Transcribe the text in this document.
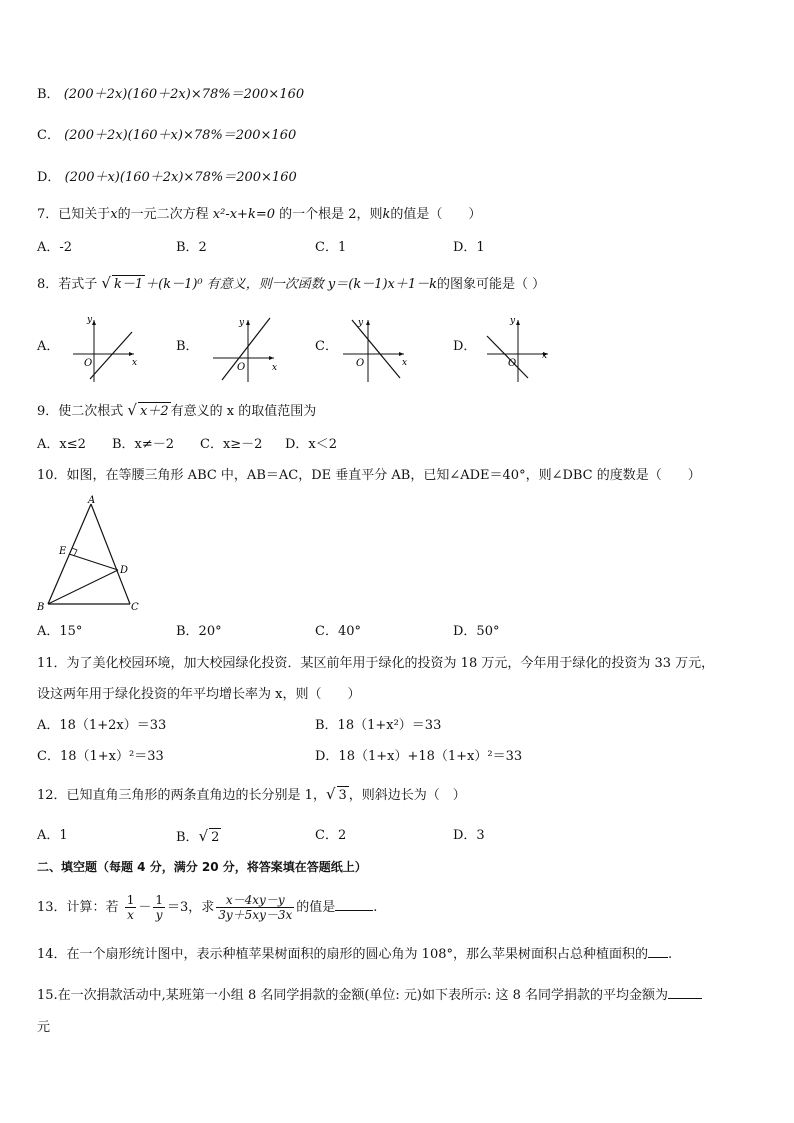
B． (200＋2x)(160＋2x)×78%＝200×160
C． (200＋2x)(160＋x)×78%＝200×160
D． (200＋x)(160＋2x)×78%＝200×160
7．已知关于x的一元二次方程 x²-x+k=0 的一个根是 2，则k的值是（　　）
A．-2	B．2	C．1	D．1
8．若式子 √ k－1 ＋(k－1)⁰ 有意义，则一次函数 y＝(k－1)x＋1－k的图象可能是（ ）
A．	B．	C．	D．
y
x
O
y
x
O
y
x
O
y
x
O
9．使二次根式 √ x＋2 有意义的 x 的取值范围为
A．x≤2 B．x≠－2 C．x≥－2 D．x＜2
10．如图，在等腰三角形 ABC 中，AB＝AC，DE 垂直平分 AB，已知∠ADE＝40°，则∠DBC 的度数是（　　）
A
B	C
D
E
A．15°	B．20°	C．40°	D．50°
11．为了美化校园环境，加大校园绿化投资．某区前年用于绿化的投资为 18 万元，今年用于绿化的投资为 33 万元，
设这两年用于绿化投资的年平均增长率为 x，则（　　）
A．18（1+2x）＝33	B．18（1+x²）＝33
C．18（1+x）²＝33	D．18（1+x）+18（1+x）²＝33
12．已知直角三角形的两条直角边的长分别是 1，√ 3 ，则斜边长为（　）
A．1	B．√ 2	C．2	D．3
二、填空题（每题 4 分，满分 20 分，将答案填在答题纸上）
13．计算：若 $\frac{1}{x} - \frac{1}{y} =3$，求 $\frac{x-4xy-y}{3y+5xy-3x}$ 的值是	.
14．在一个扇形统计图中，表示种植苹果树面积的扇形的圆心角为 108°，那么苹果树面积占总种植面积的 .
15.在一次捐款活动中,某班第一小组 8 名同学捐款的金额(单位: 元)如下表所示: 这 8 名同学捐款的平均金额为
元
